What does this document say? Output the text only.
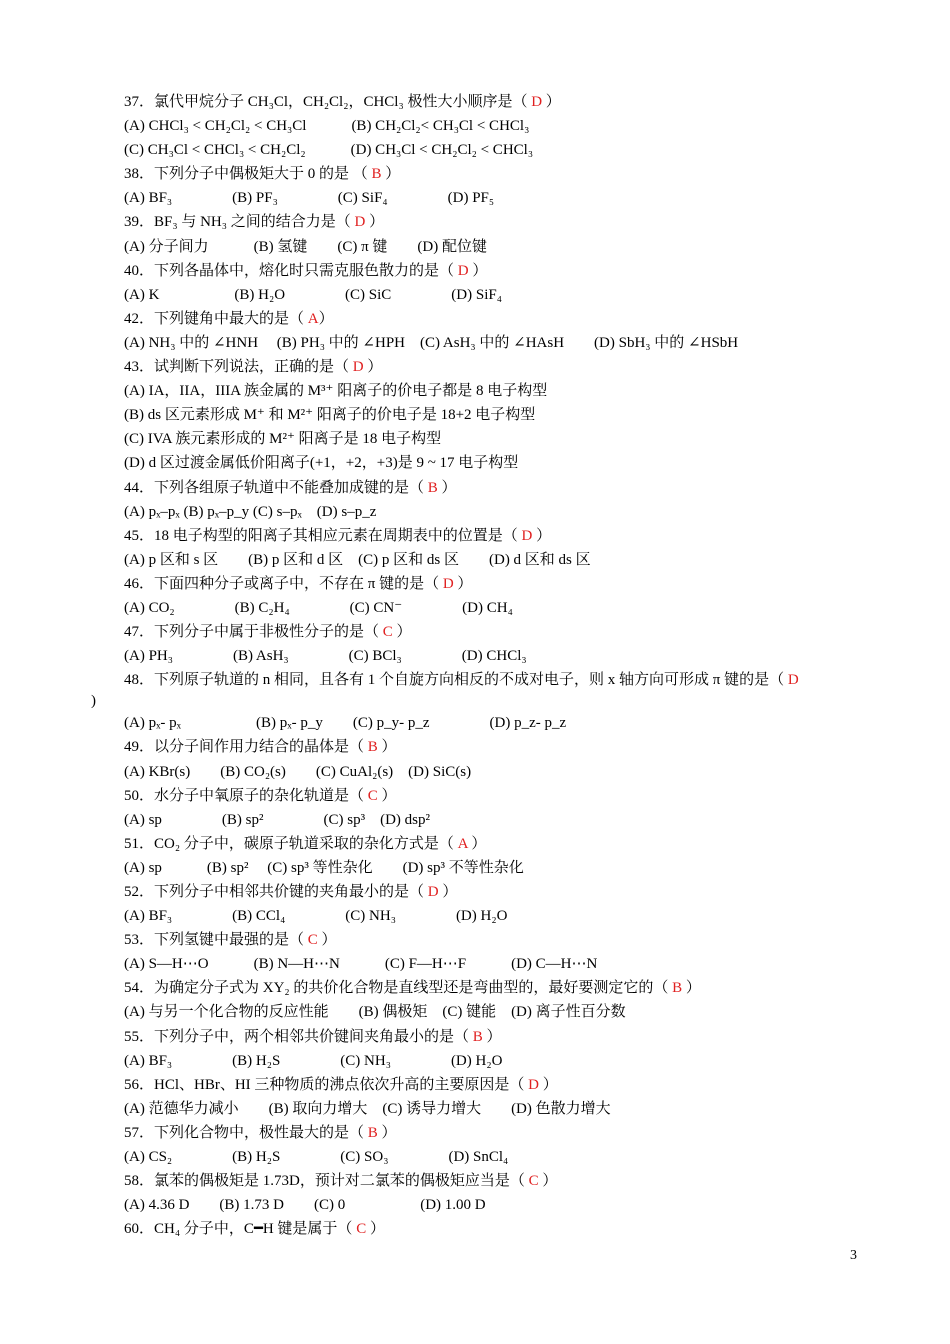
37．氯代甲烷分子 CH₃Cl，CH₂Cl₂，CHCl₃ 极性大小顺序是（ D ）
(A) CHCl₃ < CH₂Cl₂ < CH₃Cl　　　(B) CH₂Cl₂< CH₃Cl < CHCl₃
(C) CH₃Cl < CHCl₃ < CH₂Cl₂　　　(D) CH₃Cl < CH₂Cl₂ < CHCl₃
38．下列分子中偶极矩大于 0 的是 （ B ）
(A) BF₃　　　　(B) PF₃　　　　(C) SiF₄　　　　(D) PF₅
39．BF₃ 与 NH₃ 之间的结合力是（ D ）
(A) 分子间力　　　(B) 氢键　　(C) π 键　　(D) 配位键
40．下列各晶体中，熔化时只需克服色散力的是（ D ）
(A) K　　　　　(B) H₂O　　　　(C) SiC　　　　(D) SiF₄
42．下列键角中最大的是（ A）
(A) NH₃ 中的 ∠HNH　 (B) PH₃ 中的 ∠HPH　(C) AsH₃ 中的 ∠HAsH　　(D) SbH₃ 中的 ∠HSbH
43．试判断下列说法，正确的是（ D ）
(A) IA，IIA，IIIA 族金属的 M³⁺ 阳离子的价电子都是 8 电子构型
(B) ds 区元素形成 M⁺ 和 M²⁺ 阳离子的价电子是 18+2 电子构型
(C) IVA 族元素形成的 M²⁺ 阳离子是 18 电子构型
(D) d 区过渡金属低价阳离子(+1，+2，+3)是 9 ~ 17 电子构型
44．下列各组原子轨道中不能叠加成键的是（ B ）
(A) pₓ–pₓ (B) pₓ–p_y (C) s–pₓ　(D) s–p_z
45．18 电子构型的阳离子其相应元素在周期表中的位置是（ D ）
(A) p 区和 s 区　　(B) p 区和 d 区　(C) p 区和 ds 区　　(D) d 区和 ds 区
46．下面四种分子或离子中，不存在 π 键的是（ D ）
(A) CO₂　　　　(B) C₂H₄　　　　(C) CN⁻　　　　(D) CH₄
47．下列分子中属于非极性分子的是（ C ）
(A) PH₃　　　　(B) AsH₃　　　　(C) BCl₃　　　　(D) CHCl₃
48．下列原子轨道的 n 相同，且各有 1 个自旋方向相反的不成对电子，则 x 轴方向可形成 π 键的是（ D
)
(A) pₓ- pₓ　　　　　(B) pₓ- p_y　　(C) p_y- p_z　　　　(D) p_z- p_z
49．以分子间作用力结合的晶体是（ B ）
(A) KBr(s)　　(B) CO₂(s)　　(C) CuAl₂(s)　(D) SiC(s)
50．水分子中氧原子的杂化轨道是（ C ）
(A) sp　　　　(B) sp²　　　　(C) sp³　(D) dsp²
51．CO₂ 分子中，碳原子轨道采取的杂化方式是（ A ）
(A) sp　　　(B) sp²　 (C) sp³ 等性杂化　　(D) sp³ 不等性杂化
52．下列分子中相邻共价键的夹角最小的是（ D ）
(A) BF₃　　　　(B) CCl₄　　　　(C) NH₃　　　　(D) H₂O
53．下列氢键中最强的是（ C ）
(A) S—H⋯O　　　(B) N—H⋯N　　　(C) F—H⋯F　　　(D) C—H⋯N
54．为确定分子式为 XY₂ 的共价化合物是直线型还是弯曲型的，最好要测定它的（ B ）
(A) 与另一个化合物的反应性能　　(B) 偶极矩　(C) 键能　(D) 离子性百分数
55．下列分子中，两个相邻共价键间夹角最小的是（ B ）
(A) BF₃　　　　(B) H₂S　　　　(C) NH₃　　　　(D) H₂O
56．HCl、HBr、HI 三种物质的沸点依次升高的主要原因是（ D ）
(A) 范德华力减小　　(B) 取向力增大　(C) 诱导力增大　　(D) 色散力增大
57．下列化合物中，极性最大的是（ B ）
(A) CS₂　　　　(B) H₂S　　　　(C) SO₃　　　　(D) SnCl₄
58．氯苯的偶极矩是 1.73D，预计对二氯苯的偶极矩应当是（ C ）
(A) 4.36 D　　(B) 1.73 D　　(C) 0　　　　　(D) 1.00 D
60．CH₄ 分子中，C━H 键是属于（ C ）
3
